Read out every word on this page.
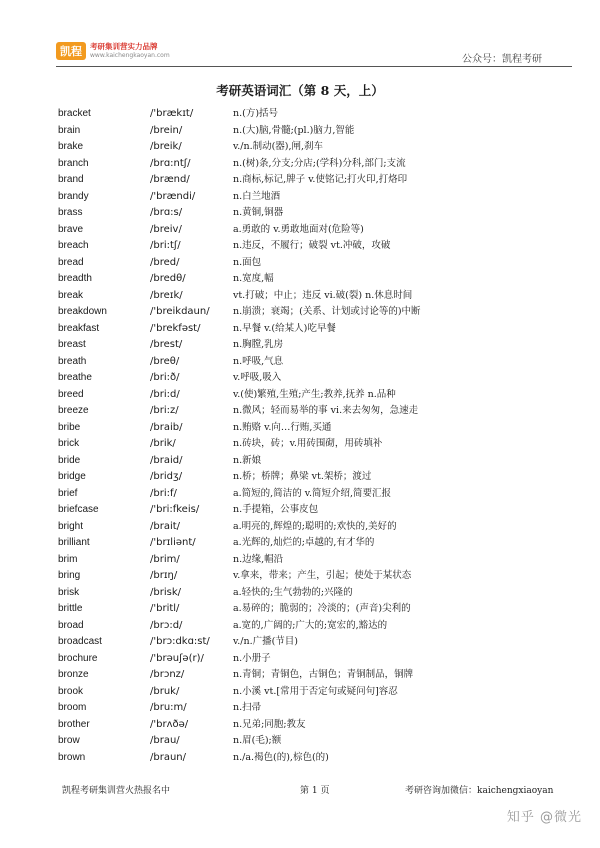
凯程	考研集训营实力品牌
www.kaichengkaoyan.com	公众号：凯程考研
考研英语词汇（第 8 天，上）
bracket	/'brækɪt/	n.(方)括号
brain	/brein/	n.(大)脑,骨髓;(pl.)脑力,智能
brake	/breik/	v./n.制动(器),闸,刹车
branch	/brɑ:ntʃ/	n.(树)条,分支;分店;(学科)分科,部门;支流
brand	/brænd/	n.商标,标记,牌子 v.使铭记;打火印,打烙印
brandy	/'brændi/	n.白兰地酒
brass	/brɑ:s/	n.黄铜,铜器
brave	/breiv/	a.勇敢的 v.勇敢地面对(危险等)
breach	/bri:tʃ/	n.违反，不履行；破裂 vt.冲破，攻破
bread	/bred/	n.面包
breadth	/bredθ/	n.宽度,幅
break	/breɪk/	vt.打破；中止；违反 vi.破(裂) n.休息时间
breakdown	/'breikdaun/	n.崩溃；衰竭；(关系、计划或讨论等的)中断
breakfast	/'brekfəst/	n.早餐 v.(给某人)吃早餐
breast	/brest/	n.胸膛,乳房
breath	/breθ/	n.呼吸,气息
breathe	/bri:ð/	v.呼吸,吸入
breed	/bri:d/	v.(使)繁殖,生殖;产生;教养,抚养 n.品种
breeze	/bri:z/	n.微风；轻而易举的事 vi.来去匆匆，急速走
bribe	/braib/	n.贿赂 v.向…行贿,买通
brick	/brik/	n.砖块，砖；v.用砖围砌，用砖填补
bride	/braid/	n.新娘
bridge	/bridʒ/	n.桥；桥牌；鼻梁 vt.架桥；渡过
brief	/bri:f/	a.简短的,简洁的 v.简短介绍,简要汇报
briefcase	/'bri:fkeis/	n.手提箱，公事皮包
bright	/brait/	a.明亮的,辉煌的;聪明的;欢快的,美好的
brilliant	/'brɪliənt/	a.光辉的,灿烂的;卓越的,有才华的
brim	/brim/	n.边缘,帽沿
bring	/brɪŋ/	v.拿来，带来；产生，引起；使处于某状态
brisk	/brisk/	a.轻快的;生气勃勃的;兴隆的
brittle	/'britl/	a.易碎的；脆弱的；冷淡的；(声音)尖利的
broad	/brɔ:d/	a.宽的,广阔的;广大的;宽宏的,豁达的
broadcast	/'brɔ:dkɑ:st/	v./n.广播(节目)
brochure	/'brəuʃə(r)/	n.小册子
bronze	/brɔnz/	n.青铜；青铜色，古铜色；青铜制品，铜牌
brook	/bruk/	n.小溪 vt.[常用于否定句或疑问句]容忍
broom	/bru:m/	n.扫帚
brother	/'brʌðə/	n.兄弟;同胞;教友
brow	/brau/	n.眉(毛);额
brown	/braun/	n./a.褐色(的),棕色(的)
凯程考研集训营火热报名中	第 1 页	考研咨询加微信：kaichengxiaoyan
知乎 @微光
